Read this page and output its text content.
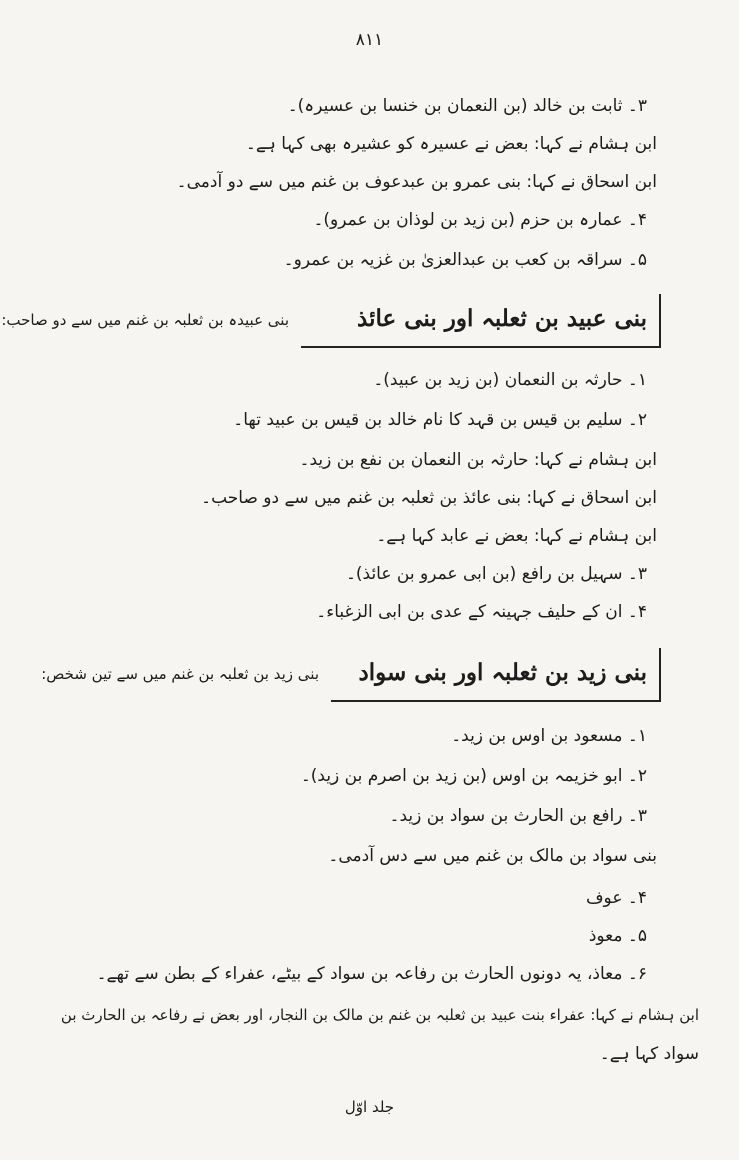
۸۱۱
۳۔ ثابت بن خالد (بن النعمان بن خنسا بن عسیرہ)۔
ابن ہشام نے کہا: بعض نے عسیرہ کو عشیرہ بھی کہا ہے۔
ابن اسحاق نے کہا: بنی عمرو بن عبدعوف بن غنم میں سے دو آدمی۔
۴۔ عمارہ بن حزم (بن زید بن لوذان بن عمرو)۔
۵۔ سراقہ بن کعب بن عبدالعزیٰ بن غزیہ بن عمرو۔
بنی عبید بن ثعلبہ اور بنی عائذ
بنی عبیدہ بن ثعلبہ بن غنم میں سے دو صاحب:
۱۔ حارثہ بن النعمان (بن زید بن عبید)۔
۲۔ سلیم بن قیس بن قہد کا نام خالد بن قیس بن عبید تھا۔
ابن ہشام نے کہا: حارثہ بن النعمان بن نفع بن زید۔
ابن اسحاق نے کہا: بنی عائذ بن ثعلبہ بن غنم میں سے دو صاحب۔
ابن ہشام نے کہا: بعض نے عابد کہا ہے۔
۳۔ سہیل بن رافع (بن ابی عمرو بن عائذ)۔
۴۔ ان کے حلیف جہینہ کے عدی بن ابی الزغباء۔
بنی زید بن ثعلبہ اور بنی سواد
بنی زید بن ثعلبہ بن غنم میں سے تین شخص:
۱۔ مسعود بن اوس بن زید۔
۲۔ ابو خزیمہ بن اوس (بن زید بن اصرم بن زید)۔
۳۔ رافع بن الحارث بن سواد بن زید۔
بنی سواد بن مالک بن غنم میں سے دس آدمی۔
۴۔ عوف
۵۔ معوذ
۶۔ معاذ، یہ دونوں الحارث بن رفاعہ بن سواد کے بیٹے، عفراء کے بطن سے تھے۔
ابن ہشام نے کہا: عفراء بنت عبید بن ثعلبہ بن غنم بن مالک بن النجار، اور بعض نے رفاعہ بن الحارث بن
سواد کہا ہے۔
جلد اوّل
